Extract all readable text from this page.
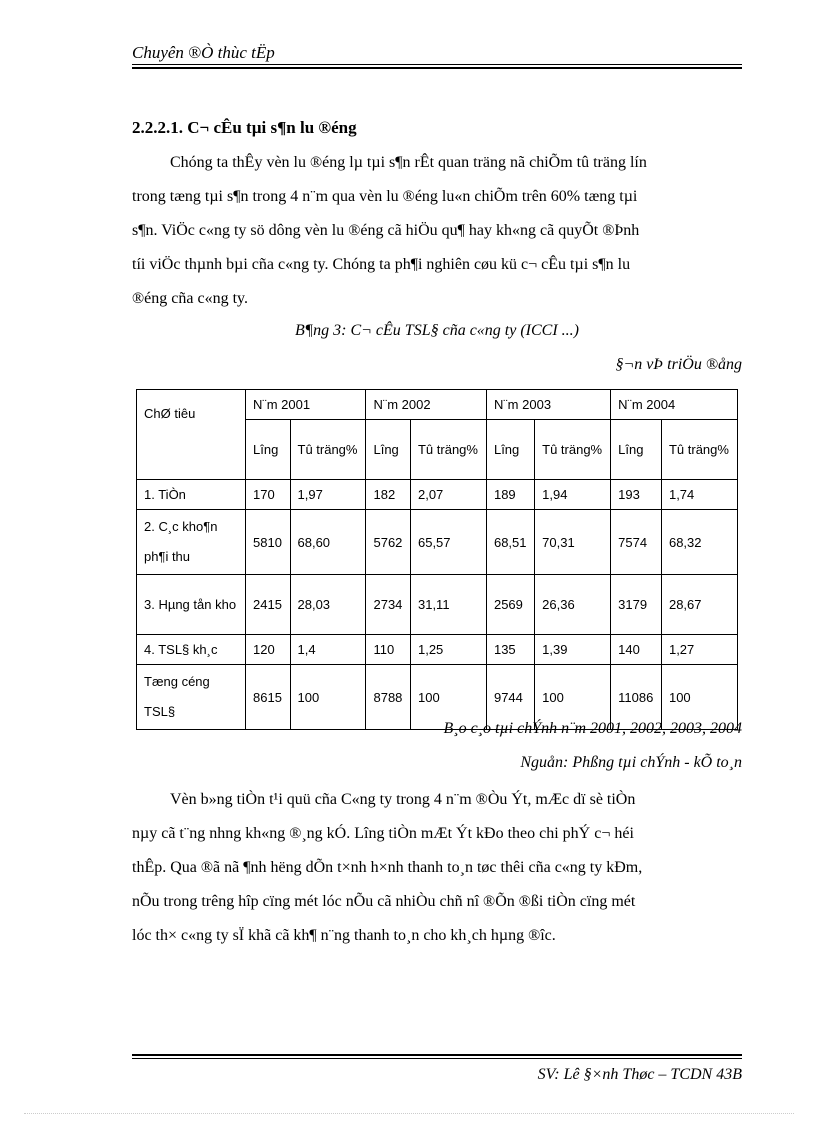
Chuyên ®Ò thùc tËp
2.2.2.1. C¬ cÊu tµi s¶n lu ®éng
Chóng ta thÊy vèn lu ®éng lµ tµi s¶n rÊt quan träng nã chiÕm tû träng lín
trong tæng tµi s¶n trong 4 n¨m qua vèn lu ®éng lu«n chiÕm trên 60% tæng tµi
s¶n. ViÖc c«ng ty sö dông vèn lu ®éng cã hiÖu qu¶ hay kh«ng cã quyÕt ®Þnh
tíi viÖc thµnh bµi cña c«ng ty. Chóng ta ph¶i nghiên cøu kü c¬ cÊu tµi s¶n lu
®éng cña c«ng ty.
B¶ng 3: C¬ cÊu TSL§ cña c«ng ty (ICCI ...)
§¬n vÞ triÖu ®ång
ChØ tiêu	N¨m 2001		N¨m 2002		N¨m 2003		N¨m 2004	
	Lîng	Tû träng%	Lîng	Tû träng%	Lîng	Tû träng%	Lîng	Tû träng%
1. TiÒn	170	1,97	182	2,07	189	1,94	193	1,74
2. C¸c kho¶n ph¶i thu	5810	68,60	5762	65,57	68,51	70,31	7574	68,32
3. Hµng tån kho	2415	28,03	2734	31,11	2569	26,36	3179	28,67
4. TSL§ kh¸c	120	1,4	110	1,25	135	1,39	140	1,27
Tæng céng TSL§	8615	100	8788	100	9744	100	11086	100
B¸o c¸o tµi chÝnh n¨m 2001, 2002, 2003, 2004
Nguån: Phßng tµi chÝnh - kÕ to¸n
Vèn b»ng tiÒn t¹i quü cña C«ng ty trong 4 n¨m ®Òu Ýt, mÆc dï sè tiÒn
nµy cã t¨ng nhng kh«ng ®¸ng kÓ. Lîng tiÒn mÆt Ýt kÐo theo chi phÝ c¬ héi
thÊp. Qua ®ã nã ¶nh hëng dÕn t×nh h×nh thanh to¸n tøc thêi cña c«ng ty kÐm,
nÕu trong trêng hîp cïng mét lóc nÕu cã nhiÒu chñ nî ®Õn ®ßi tiÒn cïng mét
lóc th× c«ng ty sÏ khã cã kh¶ n¨ng thanh to¸n cho kh¸ch hµng ®îc.
SV: Lê §×nh Thøc – TCDN 43B
